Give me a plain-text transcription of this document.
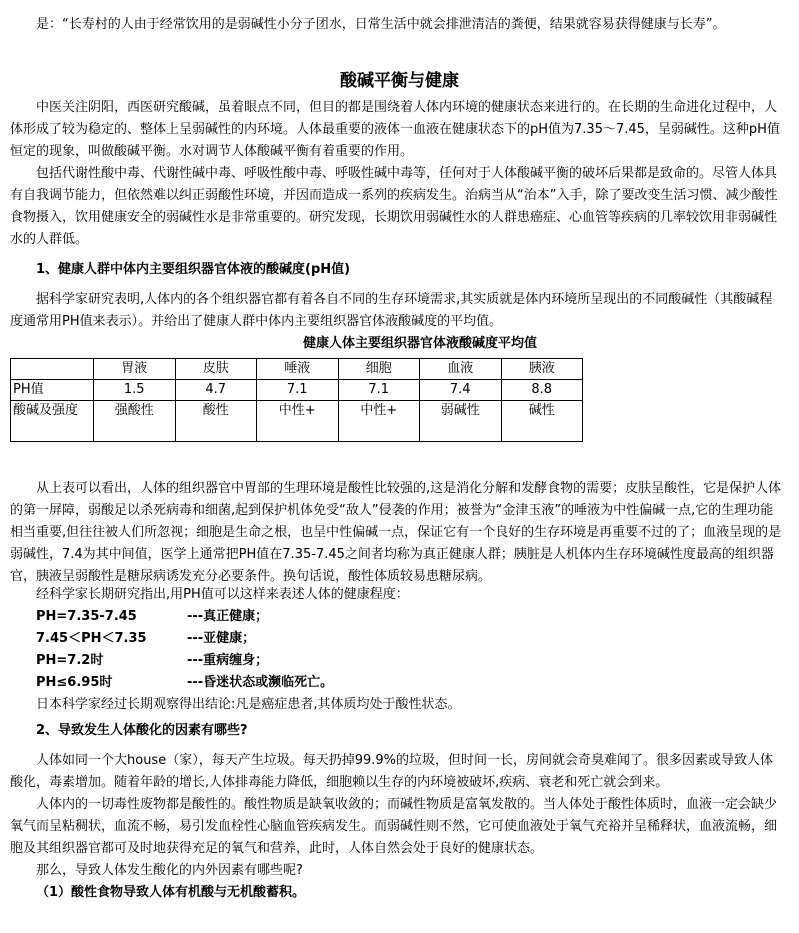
是：“长寿村的人由于经常饮用的是弱碱性小分子团水，日常生活中就会排泄清洁的粪便，结果就容易获得健康与长寿”。

酸碱平衡与健康

中医关注阴阳，西医研究酸碱，虽着眼点不同，但目的都是围绕着人体内环境的健康状态来进行的。在长期的生命进化过程中，人体形成了较为稳定的、整体上呈弱碱性的内环境。人体最重要的液体一血液在健康状态下的pH值为7.35～7.45，呈弱碱性。这种pH值恒定的现象，叫做酸碱平衡。水对调节人体酸碱平衡有着重要的作用。

包括代谢性酸中毒、代谢性碱中毒、呼吸性酸中毒、呼吸性碱中毒等，任何对于人体酸碱平衡的破坏后果都是致命的。尽管人体具有自我调节能力，但依然难以纠正弱酸性环境，并因而造成一系列的疾病发生。治病当从“治本”入手，除了要改变生活习惯、减少酸性食物摄入，饮用健康安全的弱碱性水是非常重要的。研究发现，长期饮用弱碱性水的人群患癌症、心血管等疾病的几率较饮用非弱碱性水的人群低。

1、健康人群中体内主要组织器官体液的酸碱度(pH值)

据科学家研究表明,人体内的各个组织器官都有着各自不同的生存环境需求,其实质就是体内环境所呈现出的不同酸碱性（其酸碱程度通常用PH值来表示）。并给出了健康人群中体内主要组织器官体液酸碱度的平均值。

健康人体主要组织器官体液酸碱度平均值
	胃液	皮肤	唾液	细胞	血液	胰液
PH值	1.5	4.7	7.1	7.1	7.4	8.8
酸碱及强度	强酸性	酸性	中性+	中性+	弱碱性	碱性

从上表可以看出，人体的组织器官中胃部的生理环境是酸性比较强的,这是消化分解和发酵食物的需要；皮肤呈酸性，它是保护人体的第一屏障，弱酸足以杀死病毒和细菌,起到保护机体免受“敌人”侵袭的作用；被誉为“金津玉液”的唾液为中性偏碱一点,它的生理功能相当重要,但往往被人们所忽视；细胞是生命之根，也呈中性偏碱一点，保证它有一个良好的生存环境是再重要不过的了；血液呈现的是弱碱性，7.4为其中间值，医学上通常把PH值在7.35-7.45之间者均称为真正健康人群；胰脏是人机体内生存环境碱性度最高的组织器官，胰液呈弱酸性是糖尿病诱发充分必要条件。换句话说，酸性体质较易患糖尿病。

经科学家长期研究指出,用PH值可以这样来表述人体的健康程度：

PH=7.35-7.45	---真正健康；
7.45＜PH＜7.35	---亚健康；
PH=7.2时	---重病缠身；
PH≤6.95时	---昏迷状态或濒临死亡。

日本科学家经过长期观察得出结论:凡是癌症患者,其体质均处于酸性状态。

2、导致发生人体酸化的因素有哪些?

人体如同一个大house（家），每天产生垃圾。每天扔掉99.9%的垃圾，但时间一长，房间就会奇臭难闻了。很多因素或导致人体酸化，毒素增加。随着年龄的增长,人体排毒能力降低，细胞赖以生存的内环境被破坏,疾病、衰老和死亡就会到来。

人体内的一切毒性废物都是酸性的。酸性物质是缺氧收敛的；而碱性物质是富氧发散的。当人体处于酸性体质时，血液一定会缺少氧气而呈粘稠状，血流不畅，易引发血栓性心脑血管疾病发生。而弱碱性则不然，它可使血液处于氧气充裕并呈稀释状，血液流畅，细胞及其组织器官都可及时地获得充足的氧气和营养，此时，人体自然会处于良好的健康状态。

那么，导致人体发生酸化的内外因素有哪些呢?

（1）酸性食物导致人体有机酸与无机酸蓄积。
